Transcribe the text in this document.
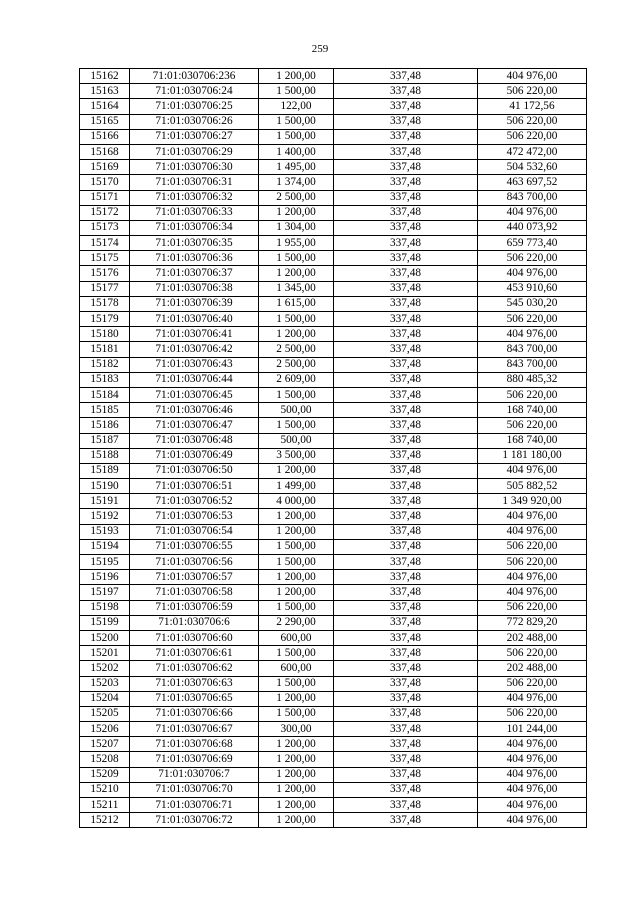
259
15162	71:01:030706:236	1 200,00	337,48	404 976,00
15163	71:01:030706:24	1 500,00	337,48	506 220,00
15164	71:01:030706:25	122,00	337,48	41 172,56
15165	71:01:030706:26	1 500,00	337,48	506 220,00
15166	71:01:030706:27	1 500,00	337,48	506 220,00
15168	71:01:030706:29	1 400,00	337,48	472 472,00
15169	71:01:030706:30	1 495,00	337,48	504 532,60
15170	71:01:030706:31	1 374,00	337,48	463 697,52
15171	71:01:030706:32	2 500,00	337,48	843 700,00
15172	71:01:030706:33	1 200,00	337,48	404 976,00
15173	71:01:030706:34	1 304,00	337,48	440 073,92
15174	71:01:030706:35	1 955,00	337,48	659 773,40
15175	71:01:030706:36	1 500,00	337,48	506 220,00
15176	71:01:030706:37	1 200,00	337,48	404 976,00
15177	71:01:030706:38	1 345,00	337,48	453 910,60
15178	71:01:030706:39	1 615,00	337,48	545 030,20
15179	71:01:030706:40	1 500,00	337,48	506 220,00
15180	71:01:030706:41	1 200,00	337,48	404 976,00
15181	71:01:030706:42	2 500,00	337,48	843 700,00
15182	71:01:030706:43	2 500,00	337,48	843 700,00
15183	71:01:030706:44	2 609,00	337,48	880 485,32
15184	71:01:030706:45	1 500,00	337,48	506 220,00
15185	71:01:030706:46	500,00	337,48	168 740,00
15186	71:01:030706:47	1 500,00	337,48	506 220,00
15187	71:01:030706:48	500,00	337,48	168 740,00
15188	71:01:030706:49	3 500,00	337,48	1 181 180,00
15189	71:01:030706:50	1 200,00	337,48	404 976,00
15190	71:01:030706:51	1 499,00	337,48	505 882,52
15191	71:01:030706:52	4 000,00	337,48	1 349 920,00
15192	71:01:030706:53	1 200,00	337,48	404 976,00
15193	71:01:030706:54	1 200,00	337,48	404 976,00
15194	71:01:030706:55	1 500,00	337,48	506 220,00
15195	71:01:030706:56	1 500,00	337,48	506 220,00
15196	71:01:030706:57	1 200,00	337,48	404 976,00
15197	71:01:030706:58	1 200,00	337,48	404 976,00
15198	71:01:030706:59	1 500,00	337,48	506 220,00
15199	71:01:030706:6	2 290,00	337,48	772 829,20
15200	71:01:030706:60	600,00	337,48	202 488,00
15201	71:01:030706:61	1 500,00	337,48	506 220,00
15202	71:01:030706:62	600,00	337,48	202 488,00
15203	71:01:030706:63	1 500,00	337,48	506 220,00
15204	71:01:030706:65	1 200,00	337,48	404 976,00
15205	71:01:030706:66	1 500,00	337,48	506 220,00
15206	71:01:030706:67	300,00	337,48	101 244,00
15207	71:01:030706:68	1 200,00	337,48	404 976,00
15208	71:01:030706:69	1 200,00	337,48	404 976,00
15209	71:01:030706:7	1 200,00	337,48	404 976,00
15210	71:01:030706:70	1 200,00	337,48	404 976,00
15211	71:01:030706:71	1 200,00	337,48	404 976,00
15212	71:01:030706:72	1 200,00	337,48	404 976,00
